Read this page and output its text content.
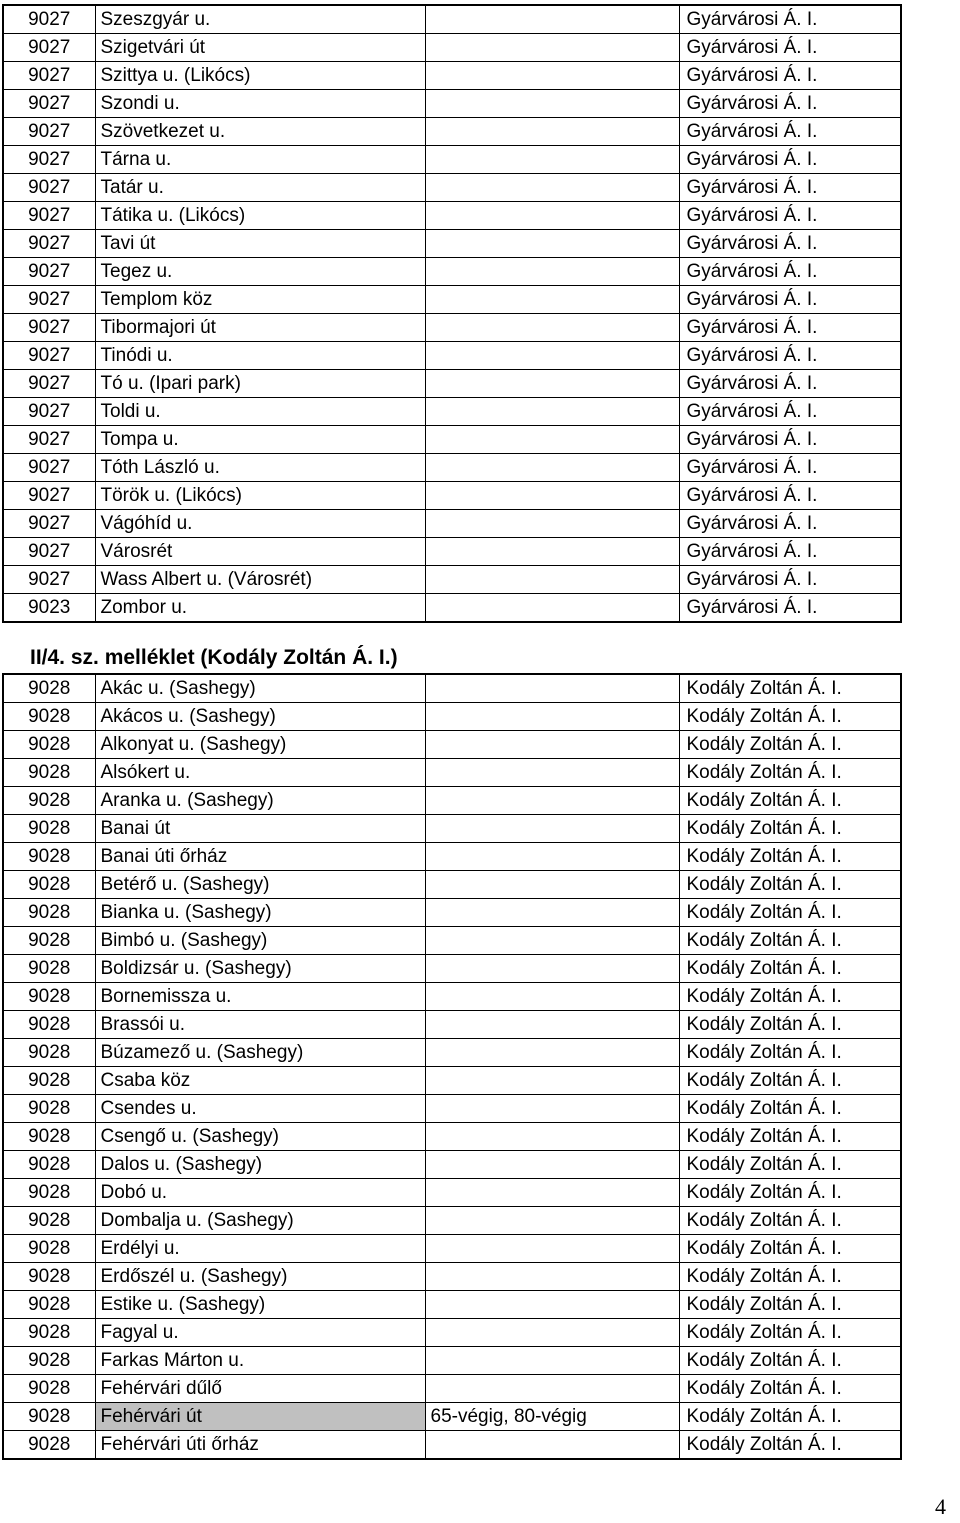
9027	Szeszgyár u.		Gyárvárosi Á. I.
9027	Szigetvári út		Gyárvárosi Á. I.
9027	Szittya u. (Likócs)		Gyárvárosi Á. I.
9027	Szondi u.		Gyárvárosi Á. I.
9027	Szövetkezet u.		Gyárvárosi Á. I.
9027	Tárna u.		Gyárvárosi Á. I.
9027	Tatár u.		Gyárvárosi Á. I.
9027	Tátika u. (Likócs)		Gyárvárosi Á. I.
9027	Tavi út		Gyárvárosi Á. I.
9027	Tegez u.		Gyárvárosi Á. I.
9027	Templom köz		Gyárvárosi Á. I.
9027	Tibormajori út		Gyárvárosi Á. I.
9027	Tinódi u.		Gyárvárosi Á. I.
9027	Tó u. (Ipari park)		Gyárvárosi Á. I.
9027	Toldi u.		Gyárvárosi Á. I.
9027	Tompa u.		Gyárvárosi Á. I.
9027	Tóth László u.		Gyárvárosi Á. I.
9027	Török u. (Likócs)		Gyárvárosi Á. I.
9027	Vágóhíd u.		Gyárvárosi Á. I.
9027	Városrét		Gyárvárosi Á. I.
9027	Wass Albert u. (Városrét)		Gyárvárosi Á. I.
9023	Zombor u.		Gyárvárosi Á. I.
II/4. sz. melléklet (Kodály Zoltán Á. I.)
9028	Akác u. (Sashegy)		Kodály Zoltán Á. I.
9028	Akácos u. (Sashegy)		Kodály Zoltán Á. I.
9028	Alkonyat u. (Sashegy)		Kodály Zoltán Á. I.
9028	Alsókert u.		Kodály Zoltán Á. I.
9028	Aranka u. (Sashegy)		Kodály Zoltán Á. I.
9028	Banai út		Kodály Zoltán Á. I.
9028	Banai úti őrház		Kodály Zoltán Á. I.
9028	Betérő u. (Sashegy)		Kodály Zoltán Á. I.
9028	Bianka u. (Sashegy)		Kodály Zoltán Á. I.
9028	Bimbó u. (Sashegy)		Kodály Zoltán Á. I.
9028	Boldizsár u. (Sashegy)		Kodály Zoltán Á. I.
9028	Bornemissza u.		Kodály Zoltán Á. I.
9028	Brassói u.		Kodály Zoltán Á. I.
9028	Búzamező u. (Sashegy)		Kodály Zoltán Á. I.
9028	Csaba köz		Kodály Zoltán Á. I.
9028	Csendes u.		Kodály Zoltán Á. I.
9028	Csengő u. (Sashegy)		Kodály Zoltán Á. I.
9028	Dalos u. (Sashegy)		Kodály Zoltán Á. I.
9028	Dobó u.		Kodály Zoltán Á. I.
9028	Dombalja u. (Sashegy)		Kodály Zoltán Á. I.
9028	Erdélyi u.		Kodály Zoltán Á. I.
9028	Erdőszél u. (Sashegy)		Kodály Zoltán Á. I.
9028	Estike u. (Sashegy)		Kodály Zoltán Á. I.
9028	Fagyal u.		Kodály Zoltán Á. I.
9028	Farkas Márton u.		Kodály Zoltán Á. I.
9028	Fehérvári dűlő		Kodály Zoltán Á. I.
9028	Fehérvári út	65-végig, 80-végig	Kodály Zoltán Á. I.
9028	Fehérvári úti őrház		Kodály Zoltán Á. I.
4
